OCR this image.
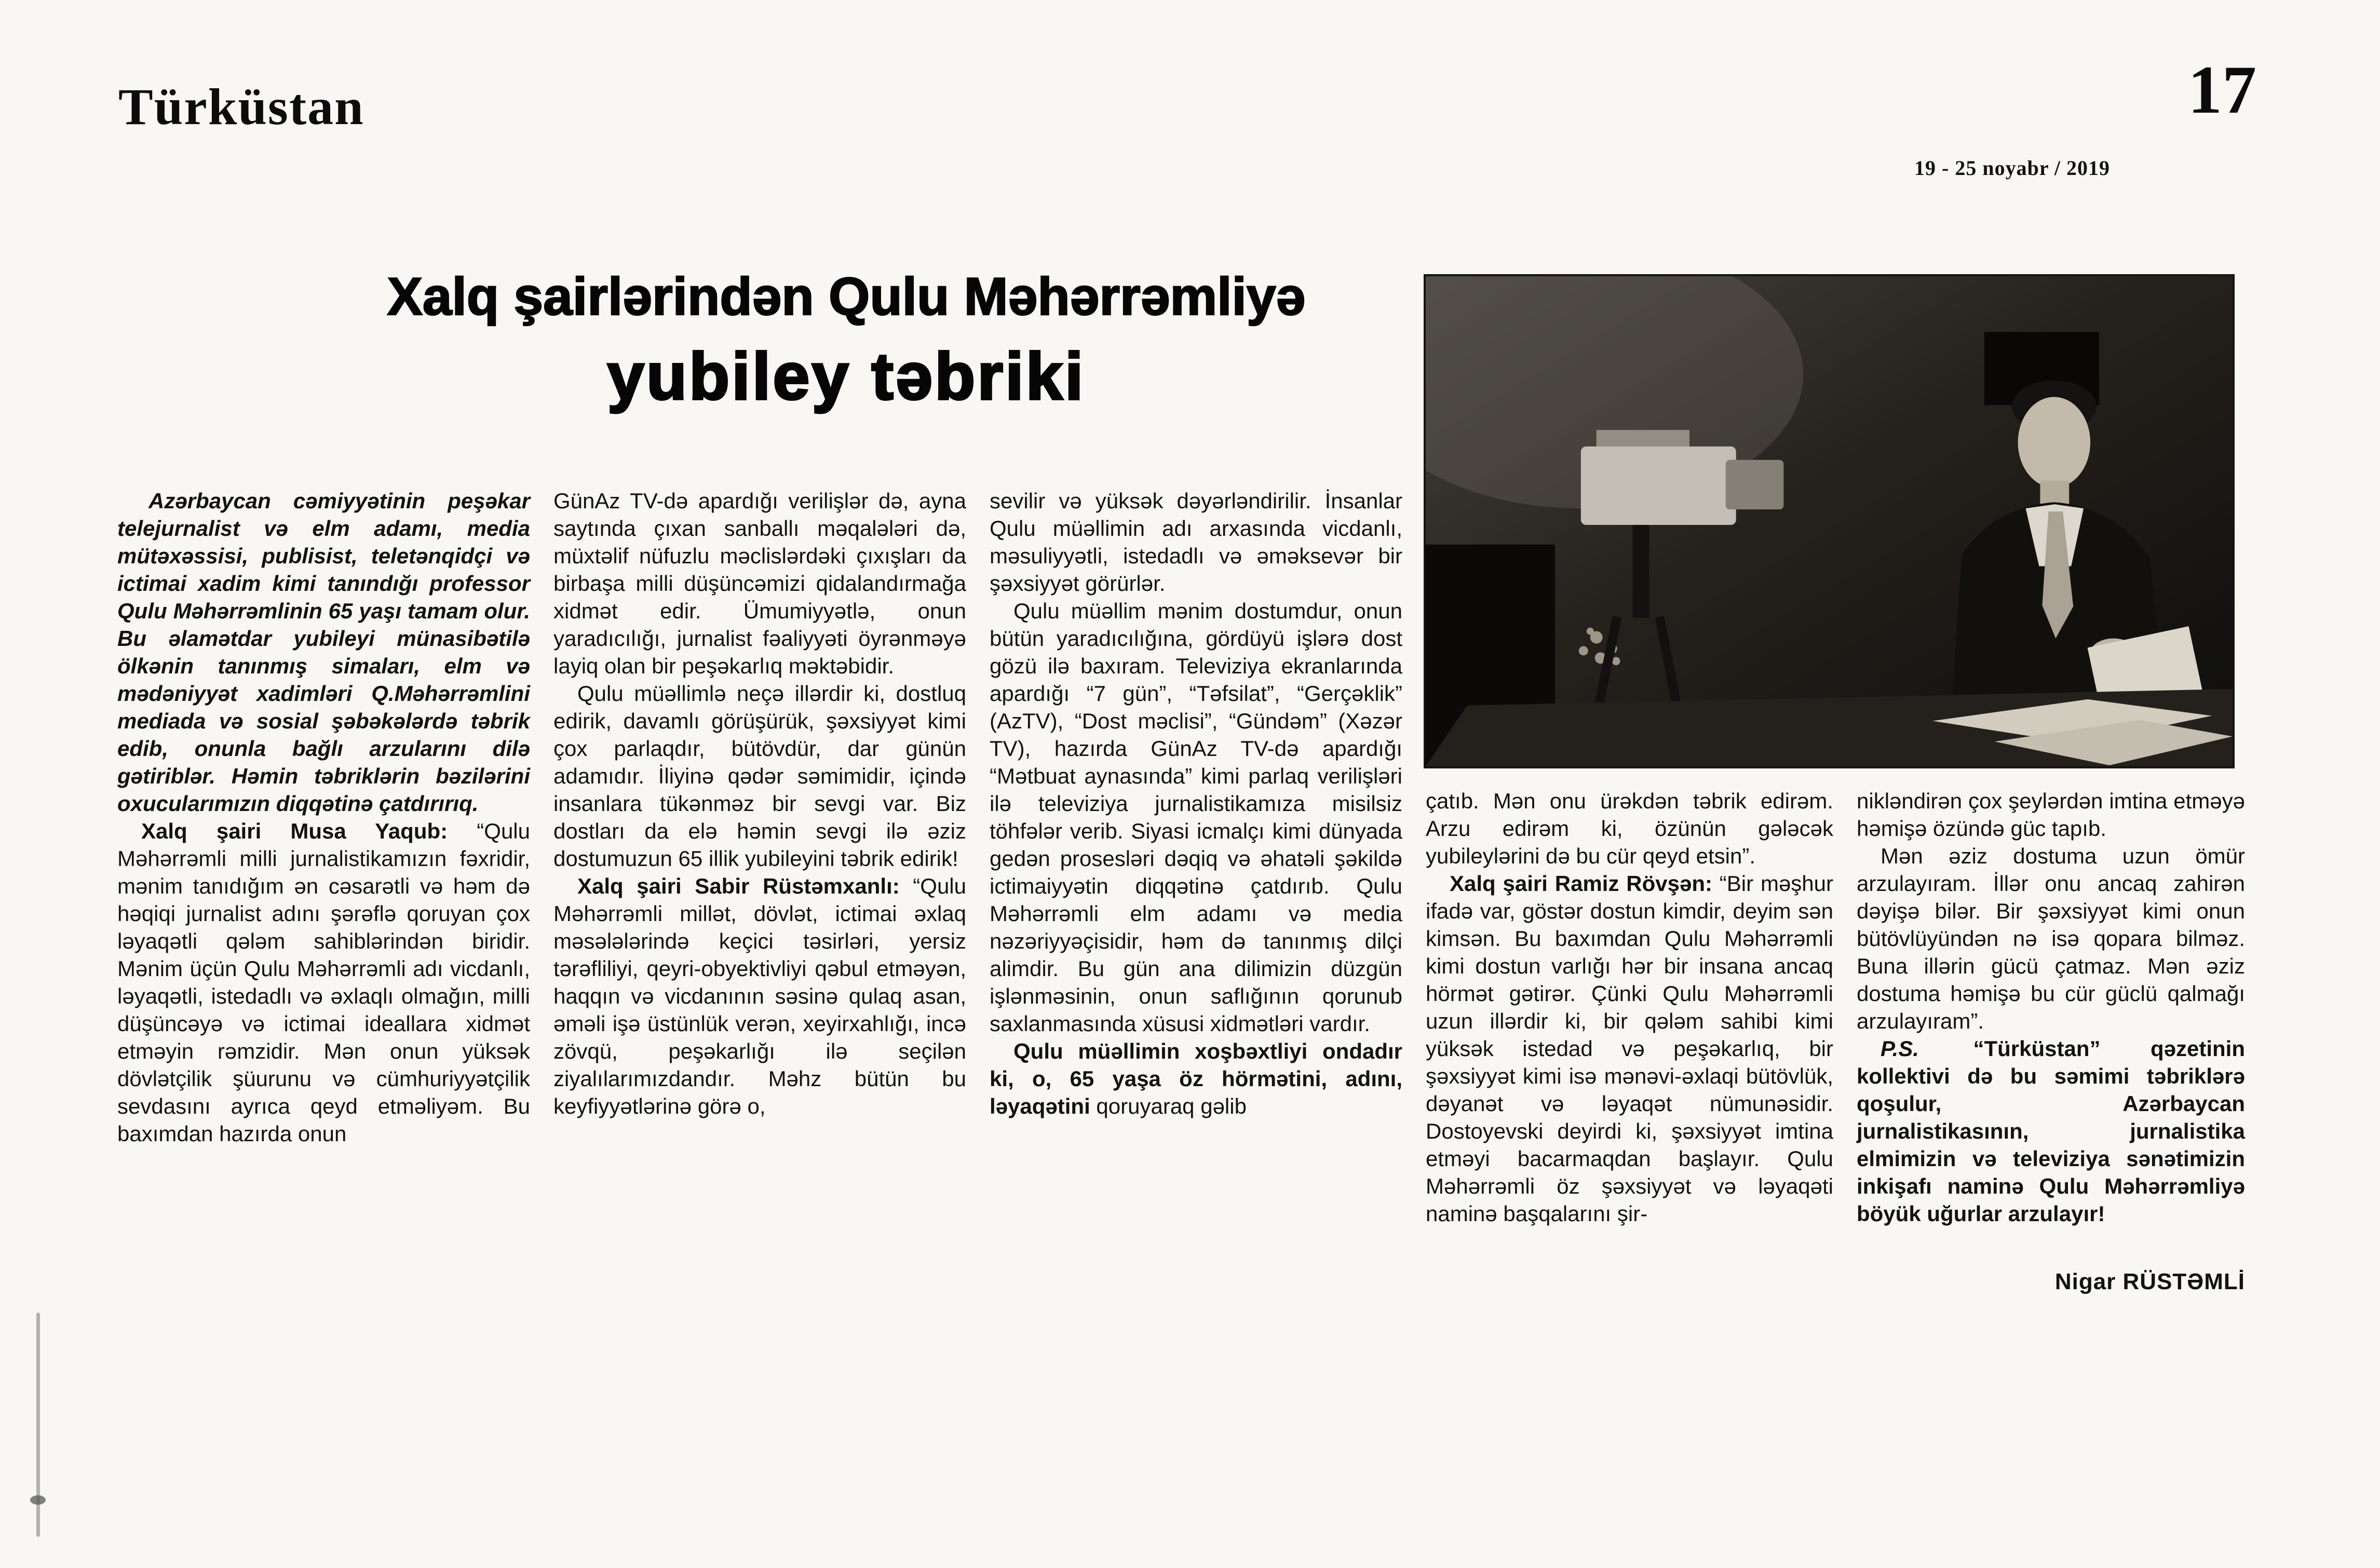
Türküstan	17
19 - 25 noyabr / 2019
Xalq şairlərindən Qulu Məhərrəmliyə
yubiley təbriki

Azərbaycan cəmiyyətinin peşəkar telejurnalist və elm adamı, media mütəxəssisi, publisist, teletənqidçi və ictimai xadim kimi tanındığı professor Qulu Məhərrəmlinin 65 yaşı tamam olur. Bu əlamətdar yubileyi münasibətilə ölkənin tanınmış simaları, elm və mədəniyyət xadimləri Q.Məhərrəmlini mediada və sosial şəbəkələrdə təbrik edib, onunla bağlı arzularını dilə gətiriblər. Həmin təbriklərin bəzilərini oxucularımızın diqqətinə çatdırırıq.

Xalq şairi Musa Yaqub: “Qulu Məhərrəmli milli jurnalistikamızın fəxridir, mənim tanıdığım ən cəsarətli və həm də həqiqi jurnalist adını şərəflə qoruyan çox ləyaqətli qələm sahiblərindən biridir. Mənim üçün Qulu Məhərrəmli adı vicdanlı, ləyaqətli, istedadlı və əxlaqlı olmağın, milli düşüncəyə və ictimai ideallara xidmət etməyin rəmzidir. Mən onun yüksək dövlətçilik şüurunu və cümhuriyyətçilik sevdasını ayrıca qeyd etməliyəm. Bu baxımdan hazırda onun

GünAz TV-də apardığı verilişlər də, ayna saytında çıxan sanballı məqalələri də, müxtəlif nüfuzlu məclislərdəki çıxışları da birbaşa milli düşüncəmizi qidalandırmağa xidmət edir. Ümumiyyətlə, onun yaradıcılığı, jurnalist fəaliyyəti öyrənməyə layiq olan bir peşəkarlıq məktəbidir.

Qulu müəllimlə neçə illərdir ki, dostluq edirik, davamlı görüşürük, şəxsiyyət kimi çox parlaqdır, bütövdür, dar günün adamıdır. İliyinə qədər səmimidir, içində insanlara tükənməz bir sevgi var. Biz dostları da elə həmin sevgi ilə əziz dostumuzun 65 illik yubileyini təbrik edirik!

Xalq şairi Sabir Rüstəmxanlı: “Qulu Məhərrəmli millət, dövlət, ictimai əxlaq məsələlərində keçici təsirləri, yersiz tərəfliliyi, qeyri-obyektivliyi qəbul etməyən, haqqın və vicdanının səsinə qulaq asan, əməli işə üstünlük verən, xeyirxahlığı, incə zövqü, peşəkarlığı ilə seçilən ziyalılarımızdandır. Məhz bütün bu keyfiyyətlərinə görə o,

sevilir və yüksək dəyərləndirilir. İnsanlar Qulu müəllimin adı arxasında vicdanlı, məsuliyyətli, istedadlı və əməksevər bir şəxsiyyət görürlər.

Qulu müəllim mənim dostumdur, onun bütün yaradıcılığına, gördüyü işlərə dost gözü ilə baxıram. Televiziya ekranlarında apardığı “7 gün”, “Təfsilat”, “Gerçəklik” (AzTV), “Dost məclisi”, “Gündəm” (Xəzər TV), hazırda GünAz TV-də apardığı “Mətbuat aynasında” kimi parlaq verilişləri ilə televiziya jurnalistikamıza misilsiz töhfələr verib. Siyasi icmalçı kimi dünyada gedən prosesləri dəqiq və əhatəli şəkildə ictimaiyyətin diqqətinə çatdırıb. Qulu Məhərrəmli elm adamı və media nəzəriyyəçisidir, həm də tanınmış dilçi alimdir. Bu gün ana dilimizin düzgün işlənməsinin, onun saflığının qorunub saxlanmasında xüsusi xidmətləri vardır.

Qulu müəllimin xoşbəxtliyi ondadır ki, o, 65 yaşa öz hörmətini, adını, ləyaqətini qoruyaraq gəlib

çatıb. Mən onu ürəkdən təbrik edirəm. Arzu edirəm ki, özünün gələcək yubileylərini də bu cür qeyd etsin”.

Xalq şairi Ramiz Rövşən: “Bir məşhur ifadə var, göstər dostun kimdir, deyim sən kimsən. Bu baxımdan Qulu Məhərrəmli kimi dostun varlığı hər bir insana ancaq hörmət gətirər. Çünki Qulu Məhərrəmli uzun illərdir ki, bir qələm sahibi kimi yüksək istedad və peşəkarlıq, bir şəxsiyyət kimi isə mənəvi-əxlaqi bütövlük, dəyanət və ləyaqət nümunəsidir. Dostoyevski deyirdi ki, şəxsiyyət imtina etməyi bacarmaqdan başlayır. Qulu Məhərrəmli öz şəxsiyyət və ləyaqəti naminə başqalarını şir-

nikləndirən çox şeylərdən imtina etməyə həmişə özündə güc tapıb.

Mən əziz dostuma uzun ömür arzulayıram. İllər onu ancaq zahirən dəyişə bilər. Bir şəxsiyyət kimi onun bütövlüyündən nə isə qopara bilməz. Buna illərin gücü çatmaz. Mən əziz dostuma həmişə bu cür güclü qalmağı arzulayıram”.

P.S. “Türküstan” qəzetinin kollektivi də bu səmimi təbriklərə qoşulur, Azərbaycan jurnalistikasının, jurnalistika elmimizin və televiziya sənətimizin inkişafı naminə Qulu Məhərrəmliyə böyük uğurlar arzulayır!

Nigar RÜSTƏMLİ
